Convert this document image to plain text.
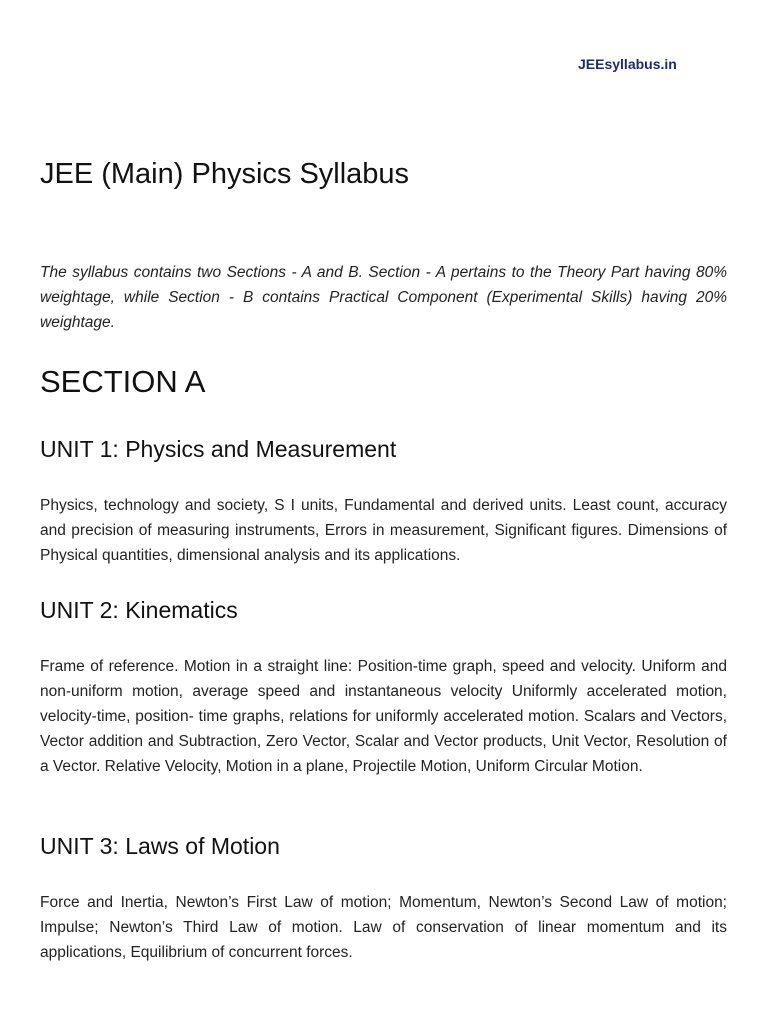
JEEsyllabus.in
JEE (Main) Physics Syllabus

The syllabus contains two Sections - A and B. Section - A pertains to the Theory Part having 80% weightage, while Section - B contains Practical Component (Experimental Skills) having 20% weightage.

SECTION A
UNIT 1: Physics and Measurement

Physics, technology and society, S I units, Fundamental and derived units. Least count, accuracy and precision of measuring instruments, Errors in measurement, Significant figures. Dimensions of Physical quantities, dimensional analysis and its applications.

UNIT 2: Kinematics

Frame of reference. Motion in a straight line: Position-time graph, speed and velocity. Uniform and non-uniform motion, average speed and instantaneous velocity Uniformly accelerated motion, velocity-time, position- time graphs, relations for uniformly accelerated motion. Scalars and Vectors, Vector addition and Subtraction, Zero Vector, Scalar and Vector products, Unit Vector, Resolution of a Vector. Relative Velocity, Motion in a plane, Projectile Motion, Uniform Circular Motion.

UNIT 3: Laws of Motion

Force and Inertia, Newton’s First Law of motion; Momentum, Newton’s Second Law of motion; Impulse; Newton’s Third Law of motion. Law of conservation of linear momentum and its applications, Equilibrium of concurrent forces.
